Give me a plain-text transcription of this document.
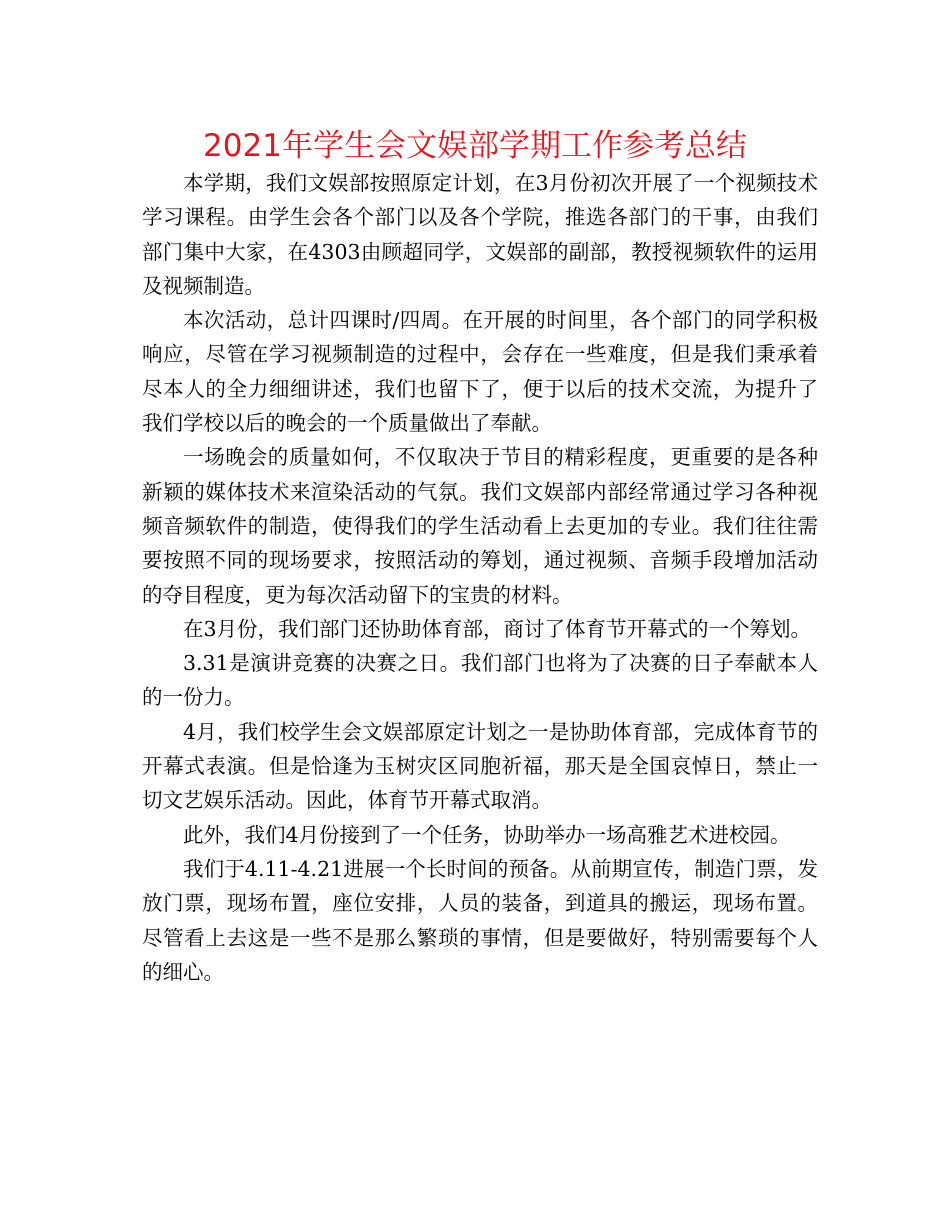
2021年学生会文娱部学期工作参考总结

本学期，我们文娱部按照原定计划，在3月份初次开展了一个视频技术学习课程。由学生会各个部门以及各个学院，推选各部门的干事，由我们部门集中大家，在4303由顾超同学，文娱部的副部，教授视频软件的运用及视频制造。

本次活动，总计四课时/四周。在开展的时间里，各个部门的同学积极响应，尽管在学习视频制造的过程中，会存在一些难度，但是我们秉承着尽本人的全力细细讲述，我们也留下了，便于以后的技术交流，为提升了我们学校以后的晚会的一个质量做出了奉献。

一场晚会的质量如何，不仅取决于节目的精彩程度，更重要的是各种新颖的媒体技术来渲染活动的气氛。我们文娱部内部经常通过学习各种视频音频软件的制造，使得我们的学生活动看上去更加的专业。我们往往需要按照不同的现场要求，按照活动的筹划，通过视频、音频手段增加活动的夺目程度，更为每次活动留下的宝贵的材料。

在3月份，我们部门还协助体育部，商讨了体育节开幕式的一个筹划。

3.31是演讲竞赛的决赛之日。我们部门也将为了决赛的日子奉献本人的一份力。

4月，我们校学生会文娱部原定计划之一是协助体育部，完成体育节的开幕式表演。但是恰逢为玉树灾区同胞祈福，那天是全国哀悼日，禁止一切文艺娱乐活动。因此，体育节开幕式取消。

此外，我们4月份接到了一个任务，协助举办一场高雅艺术进校园。

我们于4.11-4.21进展一个长时间的预备。从前期宣传，制造门票，发放门票，现场布置，座位安排，人员的装备，到道具的搬运，现场布置。尽管看上去这是一些不是那么繁琐的事情，但是要做好，特别需要每个人的细心。
